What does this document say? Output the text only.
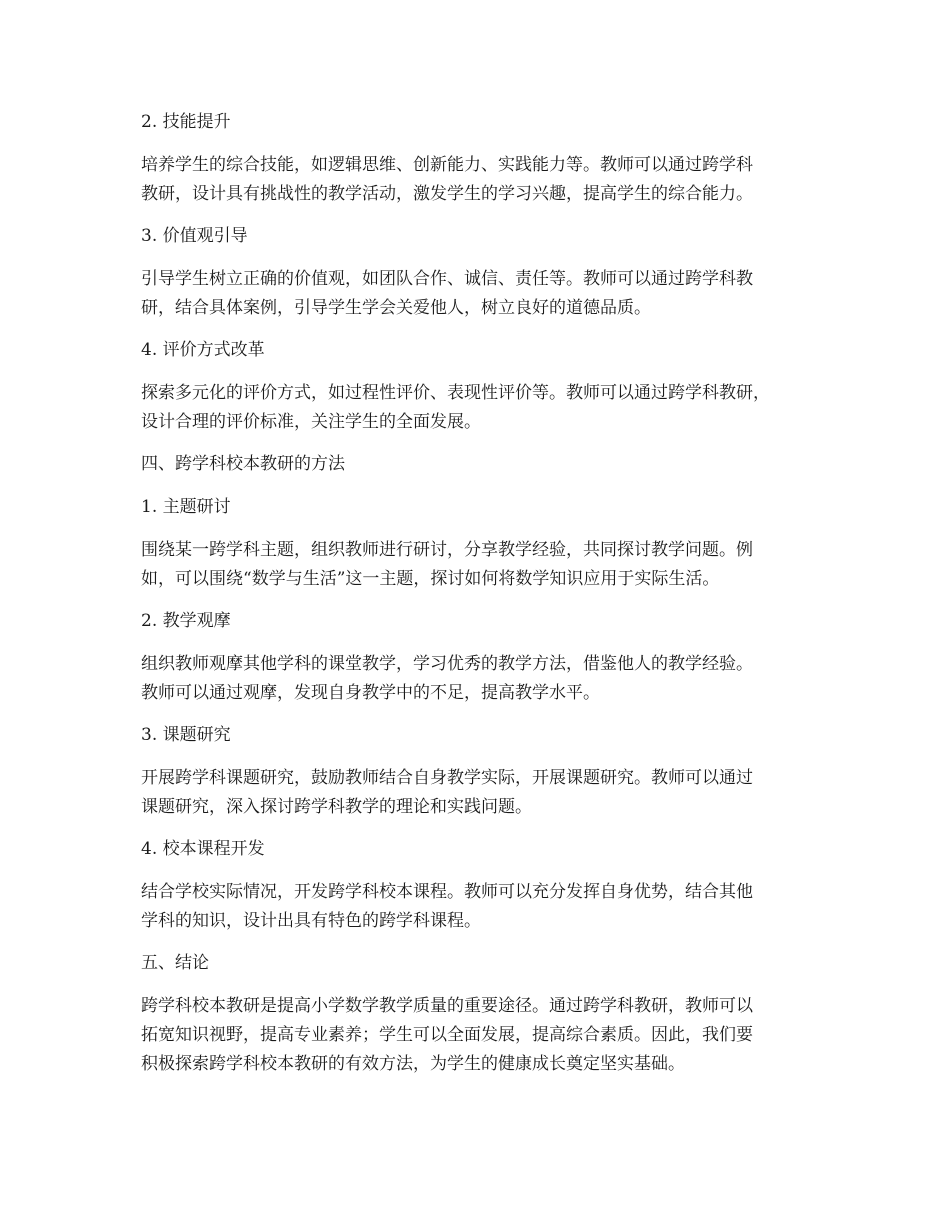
2. 技能提升
培养学生的综合技能，如逻辑思维、创新能力、实践能力等。教师可以通过跨学科
教研，设计具有挑战性的教学活动，激发学生的学习兴趣，提高学生的综合能力。
3. 价值观引导
引导学生树立正确的价值观，如团队合作、诚信、责任等。教师可以通过跨学科教
研，结合具体案例，引导学生学会关爱他人，树立良好的道德品质。
4. 评价方式改革
探索多元化的评价方式，如过程性评价、表现性评价等。教师可以通过跨学科教研，
设计合理的评价标准，关注学生的全面发展。
四、跨学科校本教研的方法
1. 主题研讨
围绕某一跨学科主题，组织教师进行研讨，分享教学经验，共同探讨教学问题。例
如，可以围绕“数学与生活”这一主题，探讨如何将数学知识应用于实际生活。
2. 教学观摩
组织教师观摩其他学科的课堂教学，学习优秀的教学方法，借鉴他人的教学经验。
教师可以通过观摩，发现自身教学中的不足，提高教学水平。
3. 课题研究
开展跨学科课题研究，鼓励教师结合自身教学实际，开展课题研究。教师可以通过
课题研究，深入探讨跨学科教学的理论和实践问题。
4. 校本课程开发
结合学校实际情况，开发跨学科校本课程。教师可以充分发挥自身优势，结合其他
学科的知识，设计出具有特色的跨学科课程。
五、结论
跨学科校本教研是提高小学数学教学质量的重要途径。通过跨学科教研，教师可以
拓宽知识视野，提高专业素养；学生可以全面发展，提高综合素质。因此，我们要
积极探索跨学科校本教研的有效方法，为学生的健康成长奠定坚实基础。
